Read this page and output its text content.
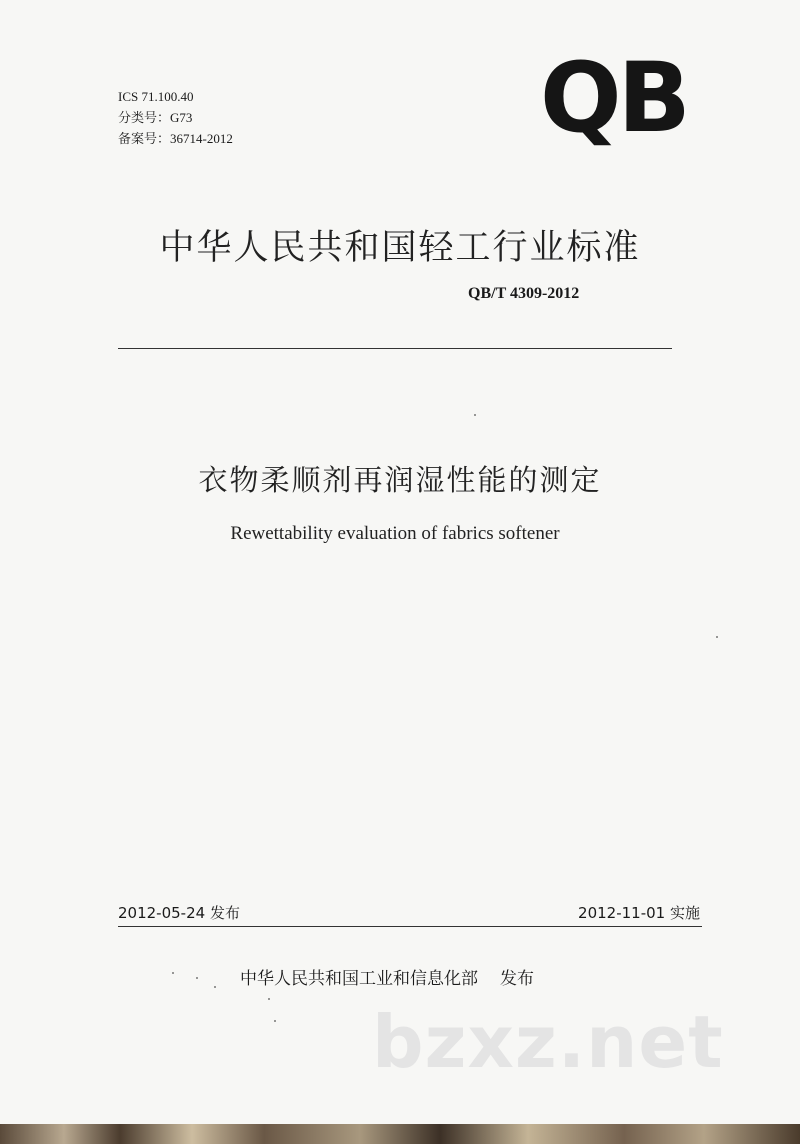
ICS 71.100.40
分类号：G73
备案号：36714-2012	QB
中华人民共和国轻工行业标准
QB/T 4309-2012
衣物柔顺剂再润湿性能的测定
Rewettability evaluation of fabrics softener
2012-05-24 发布	2012-11-01 实施
中华人民共和国工业和信息化部 发布
bzxz.net
